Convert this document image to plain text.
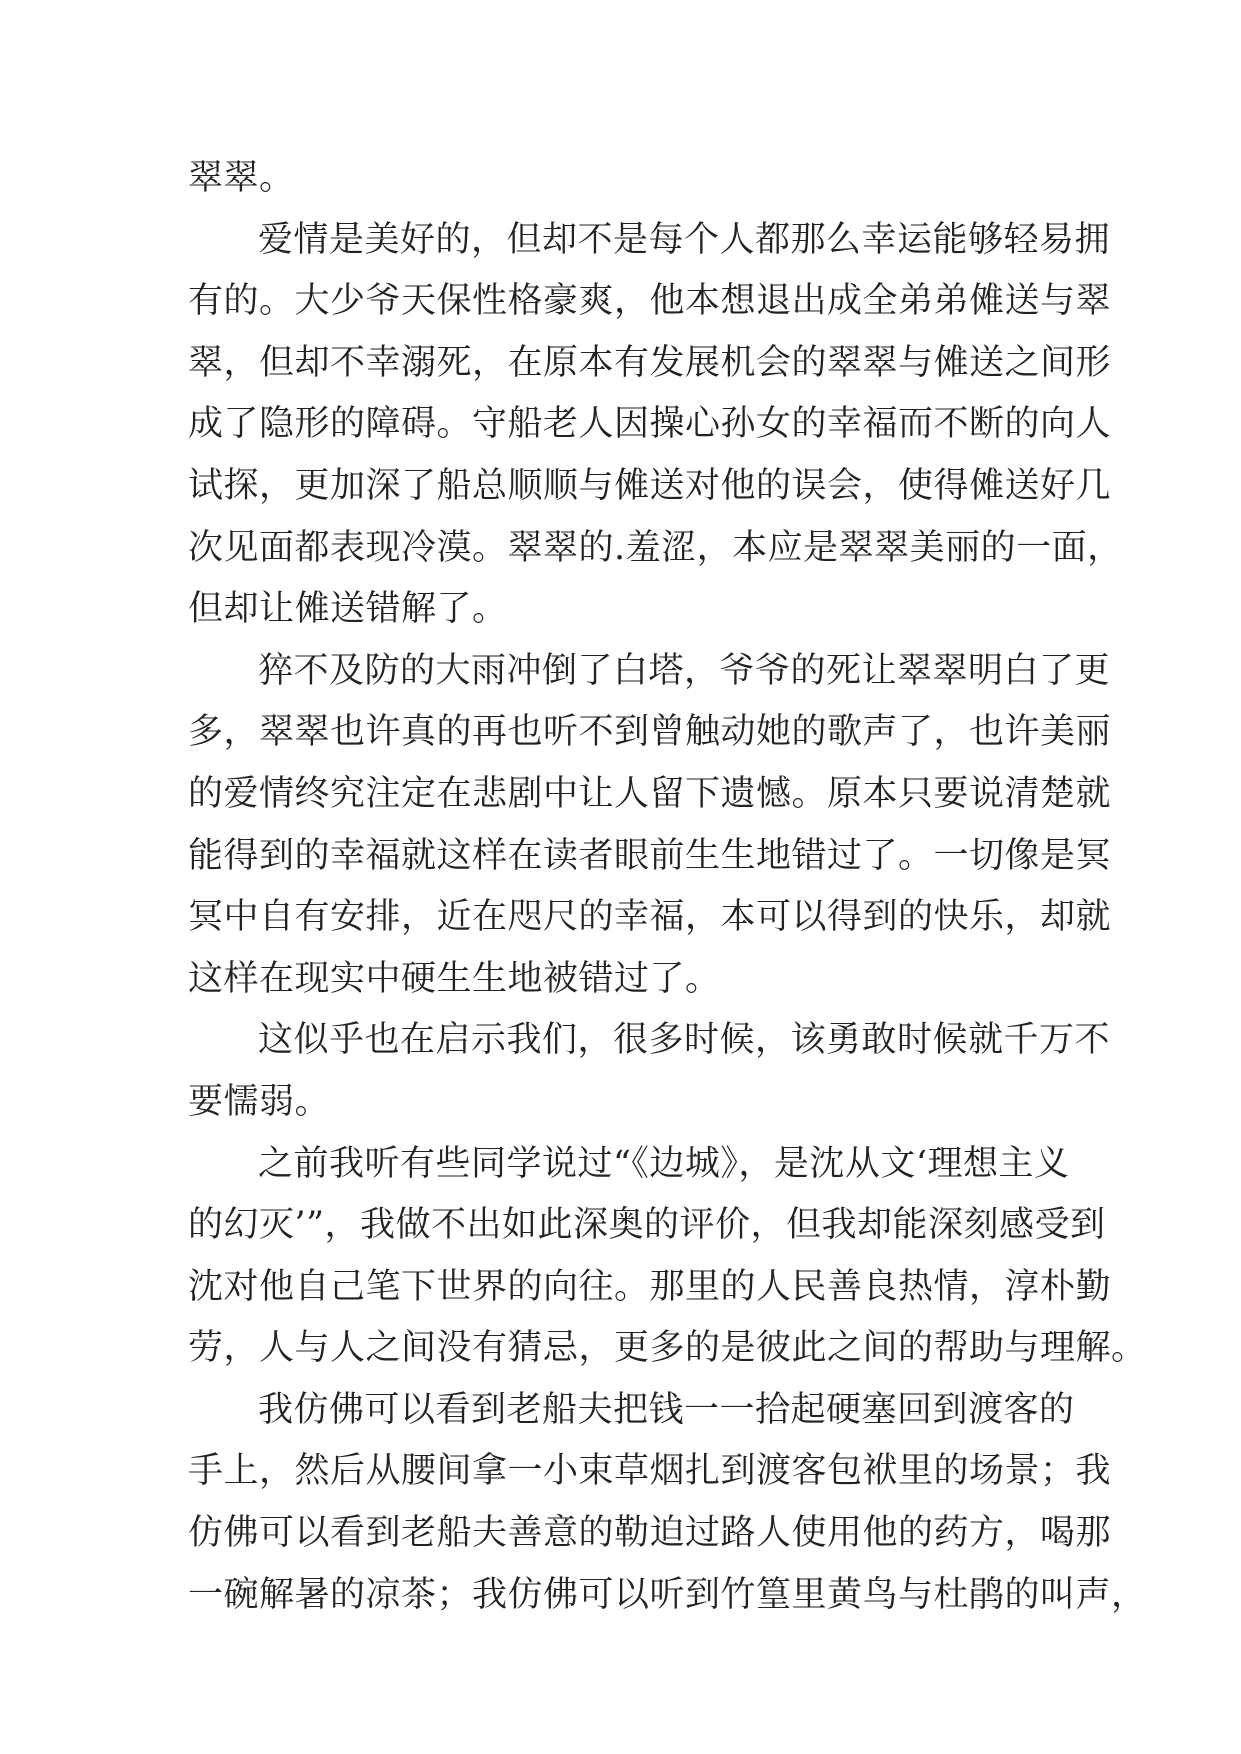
翠翠。
爱情是美好的，但却不是每个人都那么幸运能够轻易拥
有的。大少爷天保性格豪爽，他本想退出成全弟弟傩送与翠
翠，但却不幸溺死，在原本有发展机会的翠翠与傩送之间形
成了隐形的障碍。守船老人因操心孙女的幸福而不断的向人
试探，更加深了船总顺顺与傩送对他的误会，使得傩送好几
次见面都表现冷漠。翠翠的.羞涩，本应是翠翠美丽的一面，
但却让傩送错解了。
猝不及防的大雨冲倒了白塔，爷爷的死让翠翠明白了更
多，翠翠也许真的再也听不到曾触动她的歌声了，也许美丽
的爱情终究注定在悲剧中让人留下遗憾。原本只要说清楚就
能得到的幸福就这样在读者眼前生生地错过了。一切像是冥
冥中自有安排，近在咫尺的幸福，本可以得到的快乐，却就
这样在现实中硬生生地被错过了。
这似乎也在启示我们，很多时候，该勇敢时候就千万不
要懦弱。
之前我听有些同学说过“《边城》，是沈从文‘理想主义
的幻灭’”，我做不出如此深奥的评价，但我却能深刻感受到
沈对他自己笔下世界的向往。那里的人民善良热情，淳朴勤
劳，人与人之间没有猜忌，更多的是彼此之间的帮助与理解。
我仿佛可以看到老船夫把钱一一拾起硬塞回到渡客的
手上，然后从腰间拿一小束草烟扎到渡客包袱里的场景；我
仿佛可以看到老船夫善意的勒迫过路人使用他的药方，喝那
一碗解暑的凉茶；我仿佛可以听到竹篁里黄鸟与杜鹃的叫声，
